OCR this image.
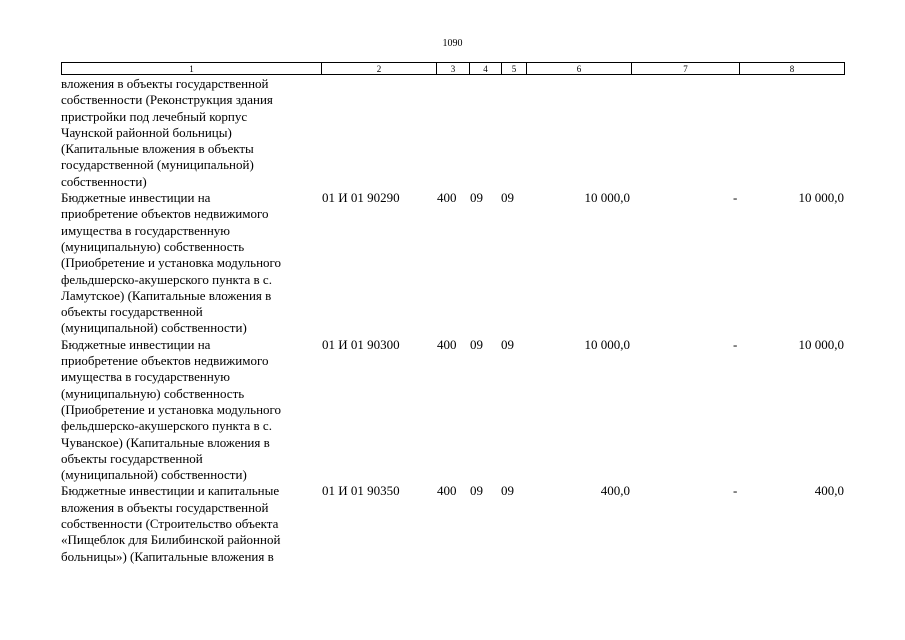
1090
1	2	3	4	5	6	7	8
вложения в объекты государственной
собственности (Реконструкция здания
пристройки под лечебный корпус
Чаунской районной больницы)
(Капитальные вложения в объекты
государственной (муниципальной)
собственности)
Бюджетные инвестиции на
приобретение объектов недвижимого
имущества в государственную
(муниципальную) собственность
(Приобретение и установка модульного
фельдшерско-акушерского пункта в с.
Ламутское) (Капитальные вложения в
объекты государственной
(муниципальной) собственности)
01 И 01 90290	400 09 09	10 000,0	-	10 000,0
Бюджетные инвестиции на
приобретение объектов недвижимого
имущества в государственную
(муниципальную) собственность
(Приобретение и установка модульного
фельдшерско-акушерского пункта в с.
Чуванское) (Капитальные вложения в
объекты государственной
(муниципальной) собственности)
01 И 01 90300	400 09 09	10 000,0	-	10 000,0
Бюджетные инвестиции и капитальные
вложения в объекты государственной
собственности (Строительство объекта
«Пищеблок для Билибинской районной
больницы») (Капитальные вложения в
01 И 01 90350	400 09 09	400,0	-	400,0
